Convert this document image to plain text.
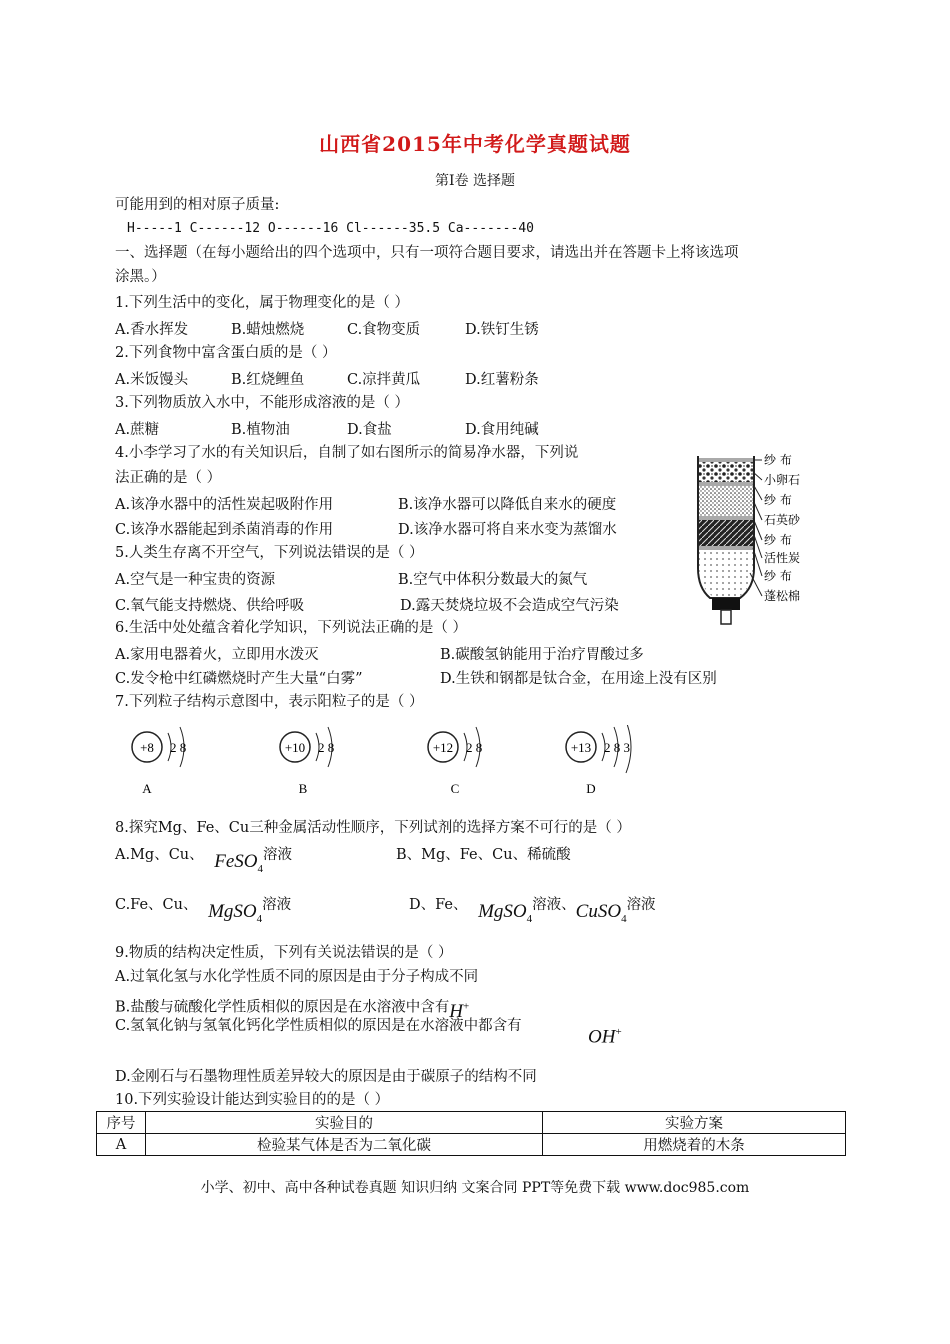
山西省2015年中考化学真题试题
第Ⅰ卷 选择题
可能用到的相对原子质量:
H-----1 C------12 O------16 Cl------35.5 Ca-------40
一、选择题（在每小题给出的四个选项中，只有一项符合题目要求，请选出并在答题卡上将该选项
涂黑。）
1.下列生活中的变化，属于物理变化的是（ ）
A.香水挥发	B.蜡烛燃烧	C.食物变质	D.铁钉生锈
2.下列食物中富含蛋白质的是（ ）
A.米饭馒头	B.红烧鲤鱼	C.凉拌黄瓜	D.红薯粉条
3.下列物质放入水中，不能形成溶液的是（ ）
A.蔗糖	B.植物油	D.食盐	D.食用纯碱
4.小李学习了水的有关知识后，自制了如右图所示的简易净水器，下列说
法正确的是（ ）
A.该净水器中的活性炭起吸附作用	B.该净水器可以降低自来水的硬度
C.该净水器能起到杀菌消毒的作用	D.该净水器可将自来水变为蒸馏水
纱 布
小卵石
纱 布
石英砂
纱 布
活性炭
纱 布
蓬松棉
5.人类生存离不开空气，下列说法错误的是（ ）
A.空气是一种宝贵的资源	B.空气中体积分数最大的氮气
C.氧气能支持燃烧、供给呼吸	D.露天焚烧垃圾不会造成空气污染
6.生活中处处蕴含着化学知识，下列说法正确的是（ ）
A.家用电器着火，立即用水泼灭	B.碳酸氢钠能用于治疗胃酸过多
C.发令枪中红磷燃烧时产生大量“白雾”	D.生铁和钢都是钛合金，在用途上没有区别
7.下列粒子结构示意图中，表示阳粒子的是（ ）
+8 2 8
A
+10 2 8
B
+12 2 8
C
+13 2 8 3
D
8.探究Mg、Fe、Cu三种金属活动性顺序，下列试剂的选择方案不可行的是（ ）
A.Mg、Cu、 FeSO$_4$溶液	B、Mg、Fe、Cu、稀硫酸
C.Fe、Cu、 MgSO$_4$溶液	D、Fe、 MgSO$_4$溶液、CuSO$_4$溶液
9.物质的结构决定性质，下列有关说法错误的是（ ）
A.过氧化氢与水化学性质不同的原因是由于分子构成不同
B.盐酸与硫酸化学性质相似的原因是在水溶液中含有H+
C.氢氧化钠与氢氧化钙化学性质相似的原因是在水溶液中都含有
OH+
D.金刚石与石墨物理性质差异较大的原因是由于碳原子的结构不同
10.下列实验设计能达到实验目的的是（ ）
序号	实验目的	实验方案
A	检验某气体是否为二氧化碳	用燃烧着的木条
小学、初中、高中各种试卷真题 知识归纳 文案合同 PPT等免费下载 www.doc985.com
